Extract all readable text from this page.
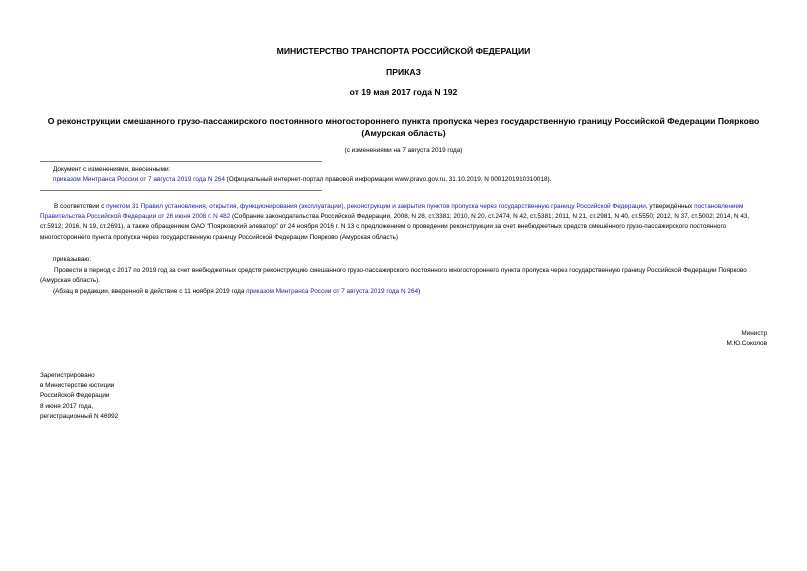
МИНИСТЕРСТВО ТРАНСПОРТА РОССИЙСКОЙ ФЕДЕРАЦИИ
ПРИКАЗ
от 19 мая 2017 года N 192
О реконструкции смешанного грузо-пассажирского постоянного многостороннего пункта пропуска через государственную границу Российской Федерации Поярково (Амурская область)
(с изменениями на 7 августа 2019 года)
Документ с изменениями, внесенными:
приказом Минтранса России от 7 августа 2019 года N 264 (Официальный интернет-портал правовой информации www.pravo.gov.ru, 31.10.2019, N 0001201910310018).
В соответствии с пунктом 31 Правил установления, открытия, функционирования (эксплуатации), реконструкции и закрытия пунктов пропуска через государственную границу Российской Федерации, утверждённых постановлением Правительства Российской Федерации от 26 июня 2008 г. N 482 (Собрание законодательства Российской Федерации, 2008, N 28, ст.3381; 2010, N 20, ст.2474, N 42, ст.5381; 2011, N 21, ст.2981, N 40, ст.5550; 2012, N 37, ст.5002; 2014, N 43, ст.5912; 2016, N 19, ст.2691), а также обращением ОАО "Поярковский элеватор" от 24 ноября 2016 г. N 13 с предложением о проведении реконструкции за счет внебюджетных средств смешённого грузо-пассажирского постоянного многостороннего пункта пропуска через государственную границу Российской Федерации Поярково (Амурская область)
приказываю:
Провести в период с 2017 по 2019 год за счет внебюджетных средств реконструкцию смешанного грузо-пассажирского постоянного многостороннего пункта пропуска через государственную границу Российской Федерации Поярково (Амурская область).
(Абзац в редакции, введенной в действие с 11 ноября 2019 года приказом Минтранса России от 7 августа 2019 года N 264)
Министр
М.Ю.Соколов
Зарегистрировано
в Министерстве юстиции
Российской Федерации
8 июня 2017 года,
регистрационный N 46992
